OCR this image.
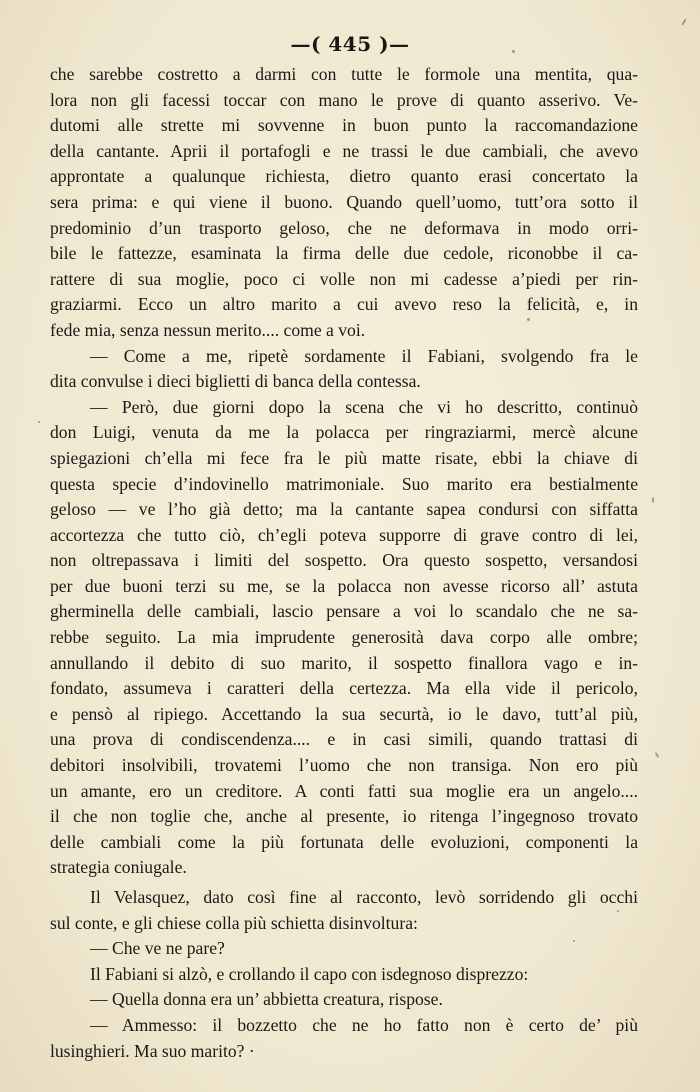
—( 445 )—
che sarebbe costretto a darmi con tutte le formole una mentita, qua-
lora non gli facessi toccar con mano le prove di quanto asserivo. Ve-
dutomi alle strette mi sovvenne in buon punto la raccomandazione
della cantante. Aprii il portafogli e ne trassi le due cambiali, che avevo
approntate a qualunque richiesta, dietro quanto erasi concertato la
sera prima: e qui viene il buono. Quando quell’uomo, tutt’ora sotto il
predominio d’un trasporto geloso, che ne deformava in modo orri-
bile le fattezze, esaminata la firma delle due cedole, riconobbe il ca-
rattere di sua moglie, poco ci volle non mi cadesse a’piedi per rin-
graziarmi. Ecco un altro marito a cui avevo reso la felicità, e, in
fede mia, senza nessun merito.... come a voi.
— Come a me, ripetè sordamente il Fabiani, svolgendo fra le
dita convulse i dieci biglietti di banca della contessa.
— Però, due giorni dopo la scena che vi ho descritto, continuò
don Luigi, venuta da me la polacca per ringraziarmi, mercè alcune
spiegazioni ch’ella mi fece fra le più matte risate, ebbi la chiave di
questa specie d’indovinello matrimoniale. Suo marito era bestialmente
geloso — ve l’ho già detto; ma la cantante sapea condursi con siffatta
accortezza che tutto ciò, ch’egli poteva supporre di grave contro di lei,
non oltrepassava i limiti del sospetto. Ora questo sospetto, versandosi
per due buoni terzi su me, se la polacca non avesse ricorso all’ astuta
gherminella delle cambiali, lascio pensare a voi lo scandalo che ne sa-
rebbe seguito. La mia imprudente generosità dava corpo alle ombre;
annullando il debito di suo marito, il sospetto finallora vago e in-
fondato, assumeva i caratteri della certezza. Ma ella vide il pericolo,
e pensò al ripiego. Accettando la sua securtà, io le davo, tutt’al più,
una prova di condiscendenza.... e in casi simili, quando trattasi di
debitori insolvibili, trovatemi l’uomo che non transiga. Non ero più
un amante, ero un creditore. A conti fatti sua moglie era un angelo....
il che non toglie che, anche al presente, io ritenga l’ingegnoso trovato
delle cambiali come la più fortunata delle evoluzioni, componenti la
strategia coniugale.
Il Velasquez, dato così fine al racconto, levò sorridendo gli occhi
sul conte, e gli chiese colla più schietta disinvoltura:
— Che ve ne pare?
Il Fabiani si alzò, e crollando il capo con isdegnoso disprezzo:
— Quella donna era un’ abbietta creatura, rispose.
— Ammesso: il bozzetto che ne ho fatto non è certo de’ più
lusinghieri. Ma suo marito? ·
